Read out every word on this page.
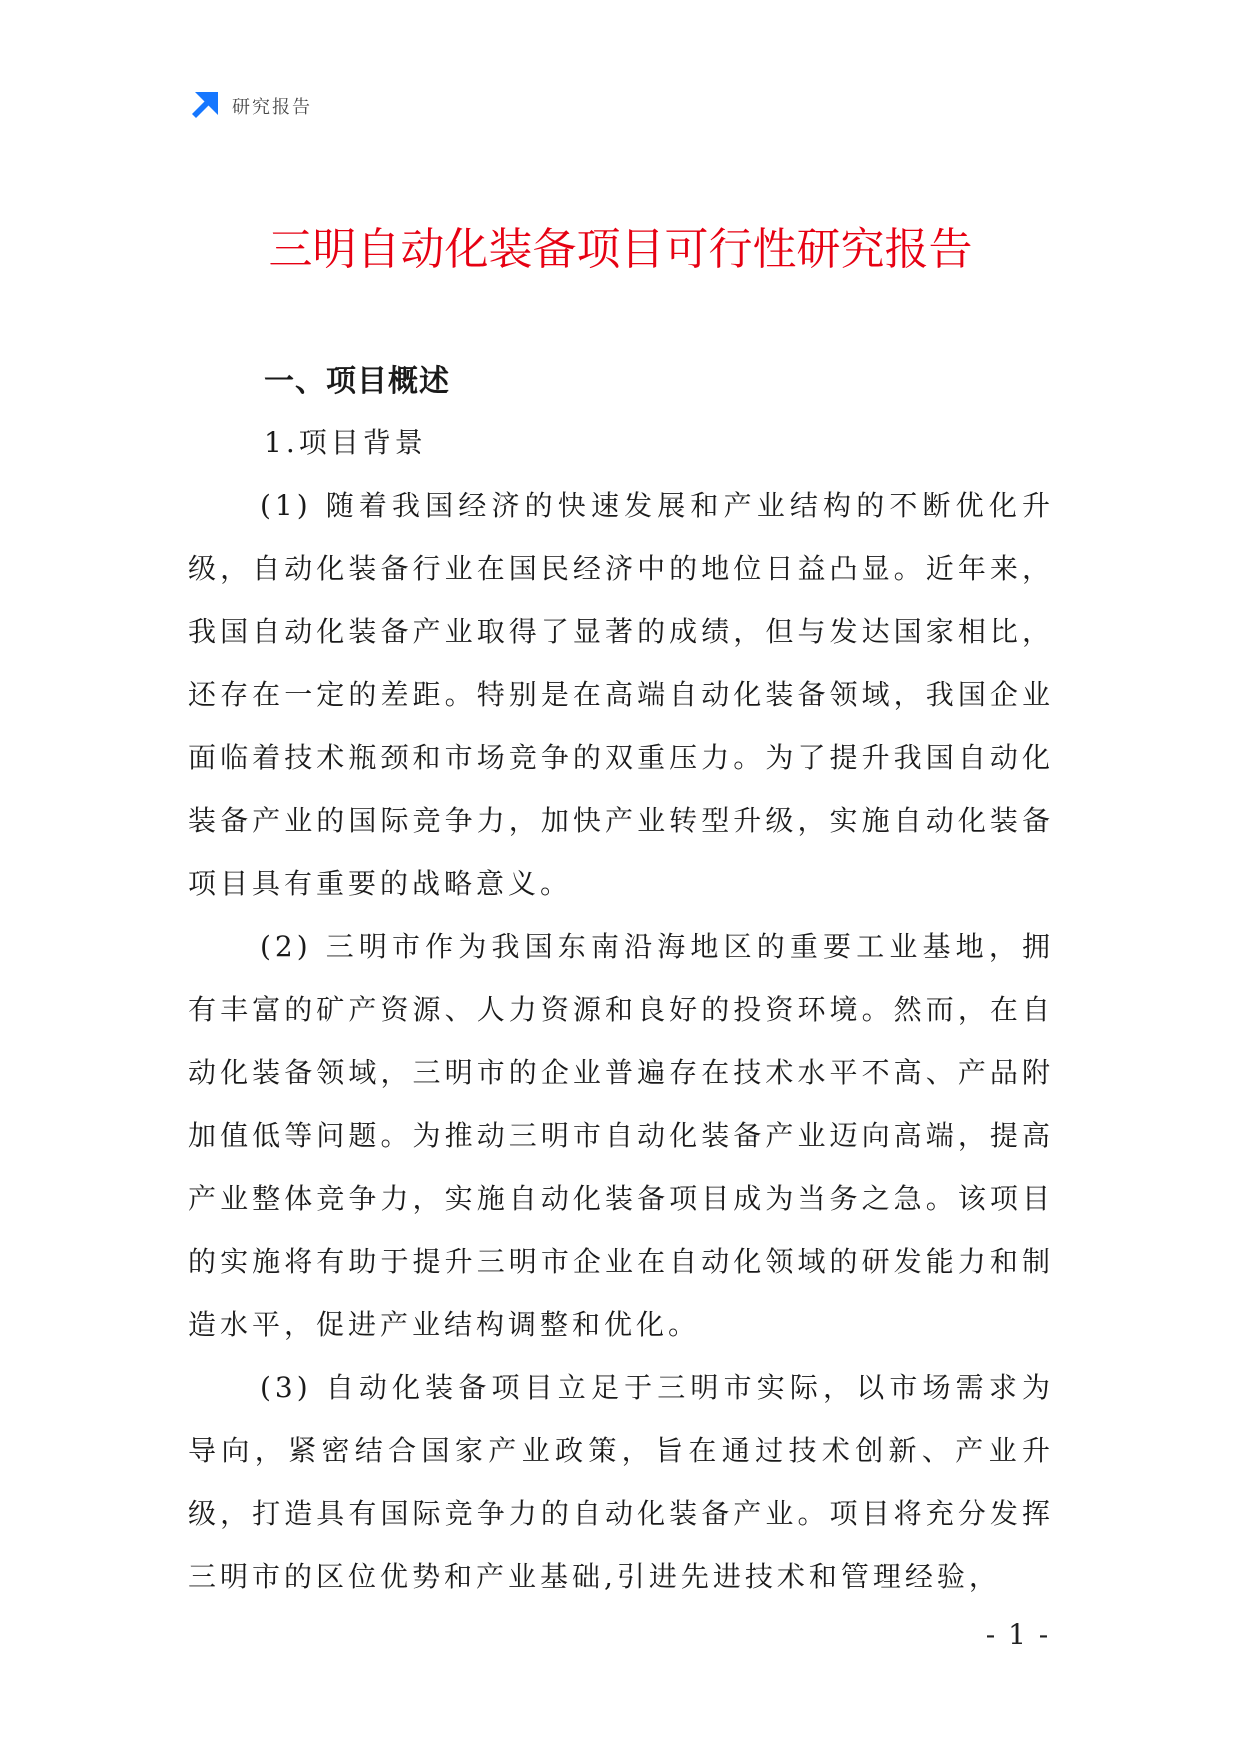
研究报告
三明自动化装备项目可行性研究报告
一、项目概述
1.项目背景

(1) 随着我国经济的快速发展和产业结构的不断优化升级，自动化装备行业在国民经济中的地位日益凸显。近年来，我国自动化装备产业取得了显著的成绩，但与发达国家相比，还存在一定的差距。特别是在高端自动化装备领域，我国企业面临着技术瓶颈和市场竞争的双重压力。为了提升我国自动化装备产业的国际竞争力，加快产业转型升级，实施自动化装备项目具有重要的战略意义。

(2) 三明市作为我国东南沿海地区的重要工业基地，拥有丰富的矿产资源、人力资源和良好的投资环境。然而，在自动化装备领域，三明市的企业普遍存在技术水平不高、产品附加值低等问题。为推动三明市自动化装备产业迈向高端，提高产业整体竞争力，实施自动化装备项目成为当务之急。该项目的实施将有助于提升三明市企业在自动化领域的研发能力和制造水平，促进产业结构调整和优化。

(3) 自动化装备项目立足于三明市实际，以市场需求为导向，紧密结合国家产业政策，旨在通过技术创新、产业升级，打造具有国际竞争力的自动化装备产业。项目将充分发挥三明市的区位优势和产业基础,引进先进技术和管理经验，

- 1 -
